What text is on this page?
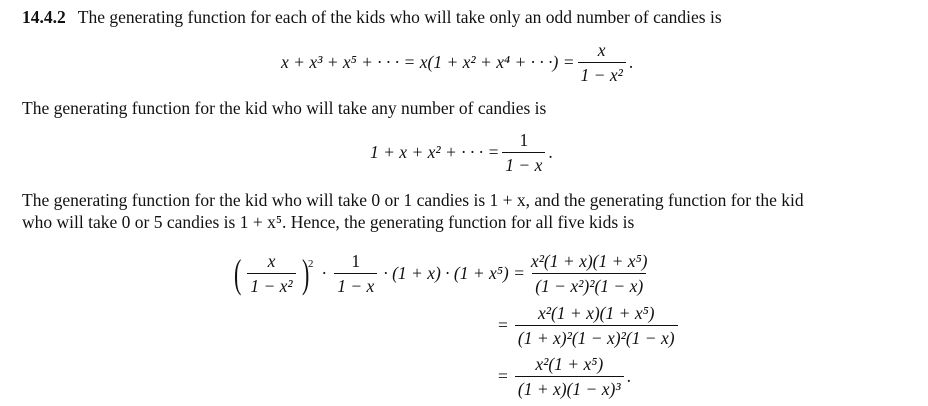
14.4.2 The generating function for each of the kids who will take only an odd number of candies is
x + x³ + x⁵ + · · · = x(1 + x² + x⁴ + · · ·) = $\frac{x}{\text{1 − x²}}$ .
The generating function for the kid who will take any number of candies is
1 + x + x² + · · · = $\frac{1}{1 - x}$ .
The generating function for the kid who will take 0 or 1 candies is 1 + x, and the generating function for the kid
who will take 0 or 5 candies is 1 + x⁵. Hence, the generating function for all five kids is
( $\frac{x}{\text{1 − x²}}$ )
$^2 \cdot \frac{1}{1 - x} \cdot (1 + x) \cdot (1 + x^5) = \frac{\text{x²(1 + x)(1 + x⁵)}}{\text{(1 − x²)²(1 − x)}}$
= $\frac{\text{x²(1 + x)(1 + x⁵)}}{\text{(1 + x)²(1 − x)²(1 − x)}}$
= $\frac{\text{x²(1 + x⁵)}}{\text{(1 + x)(1 − x)³}}$ .
